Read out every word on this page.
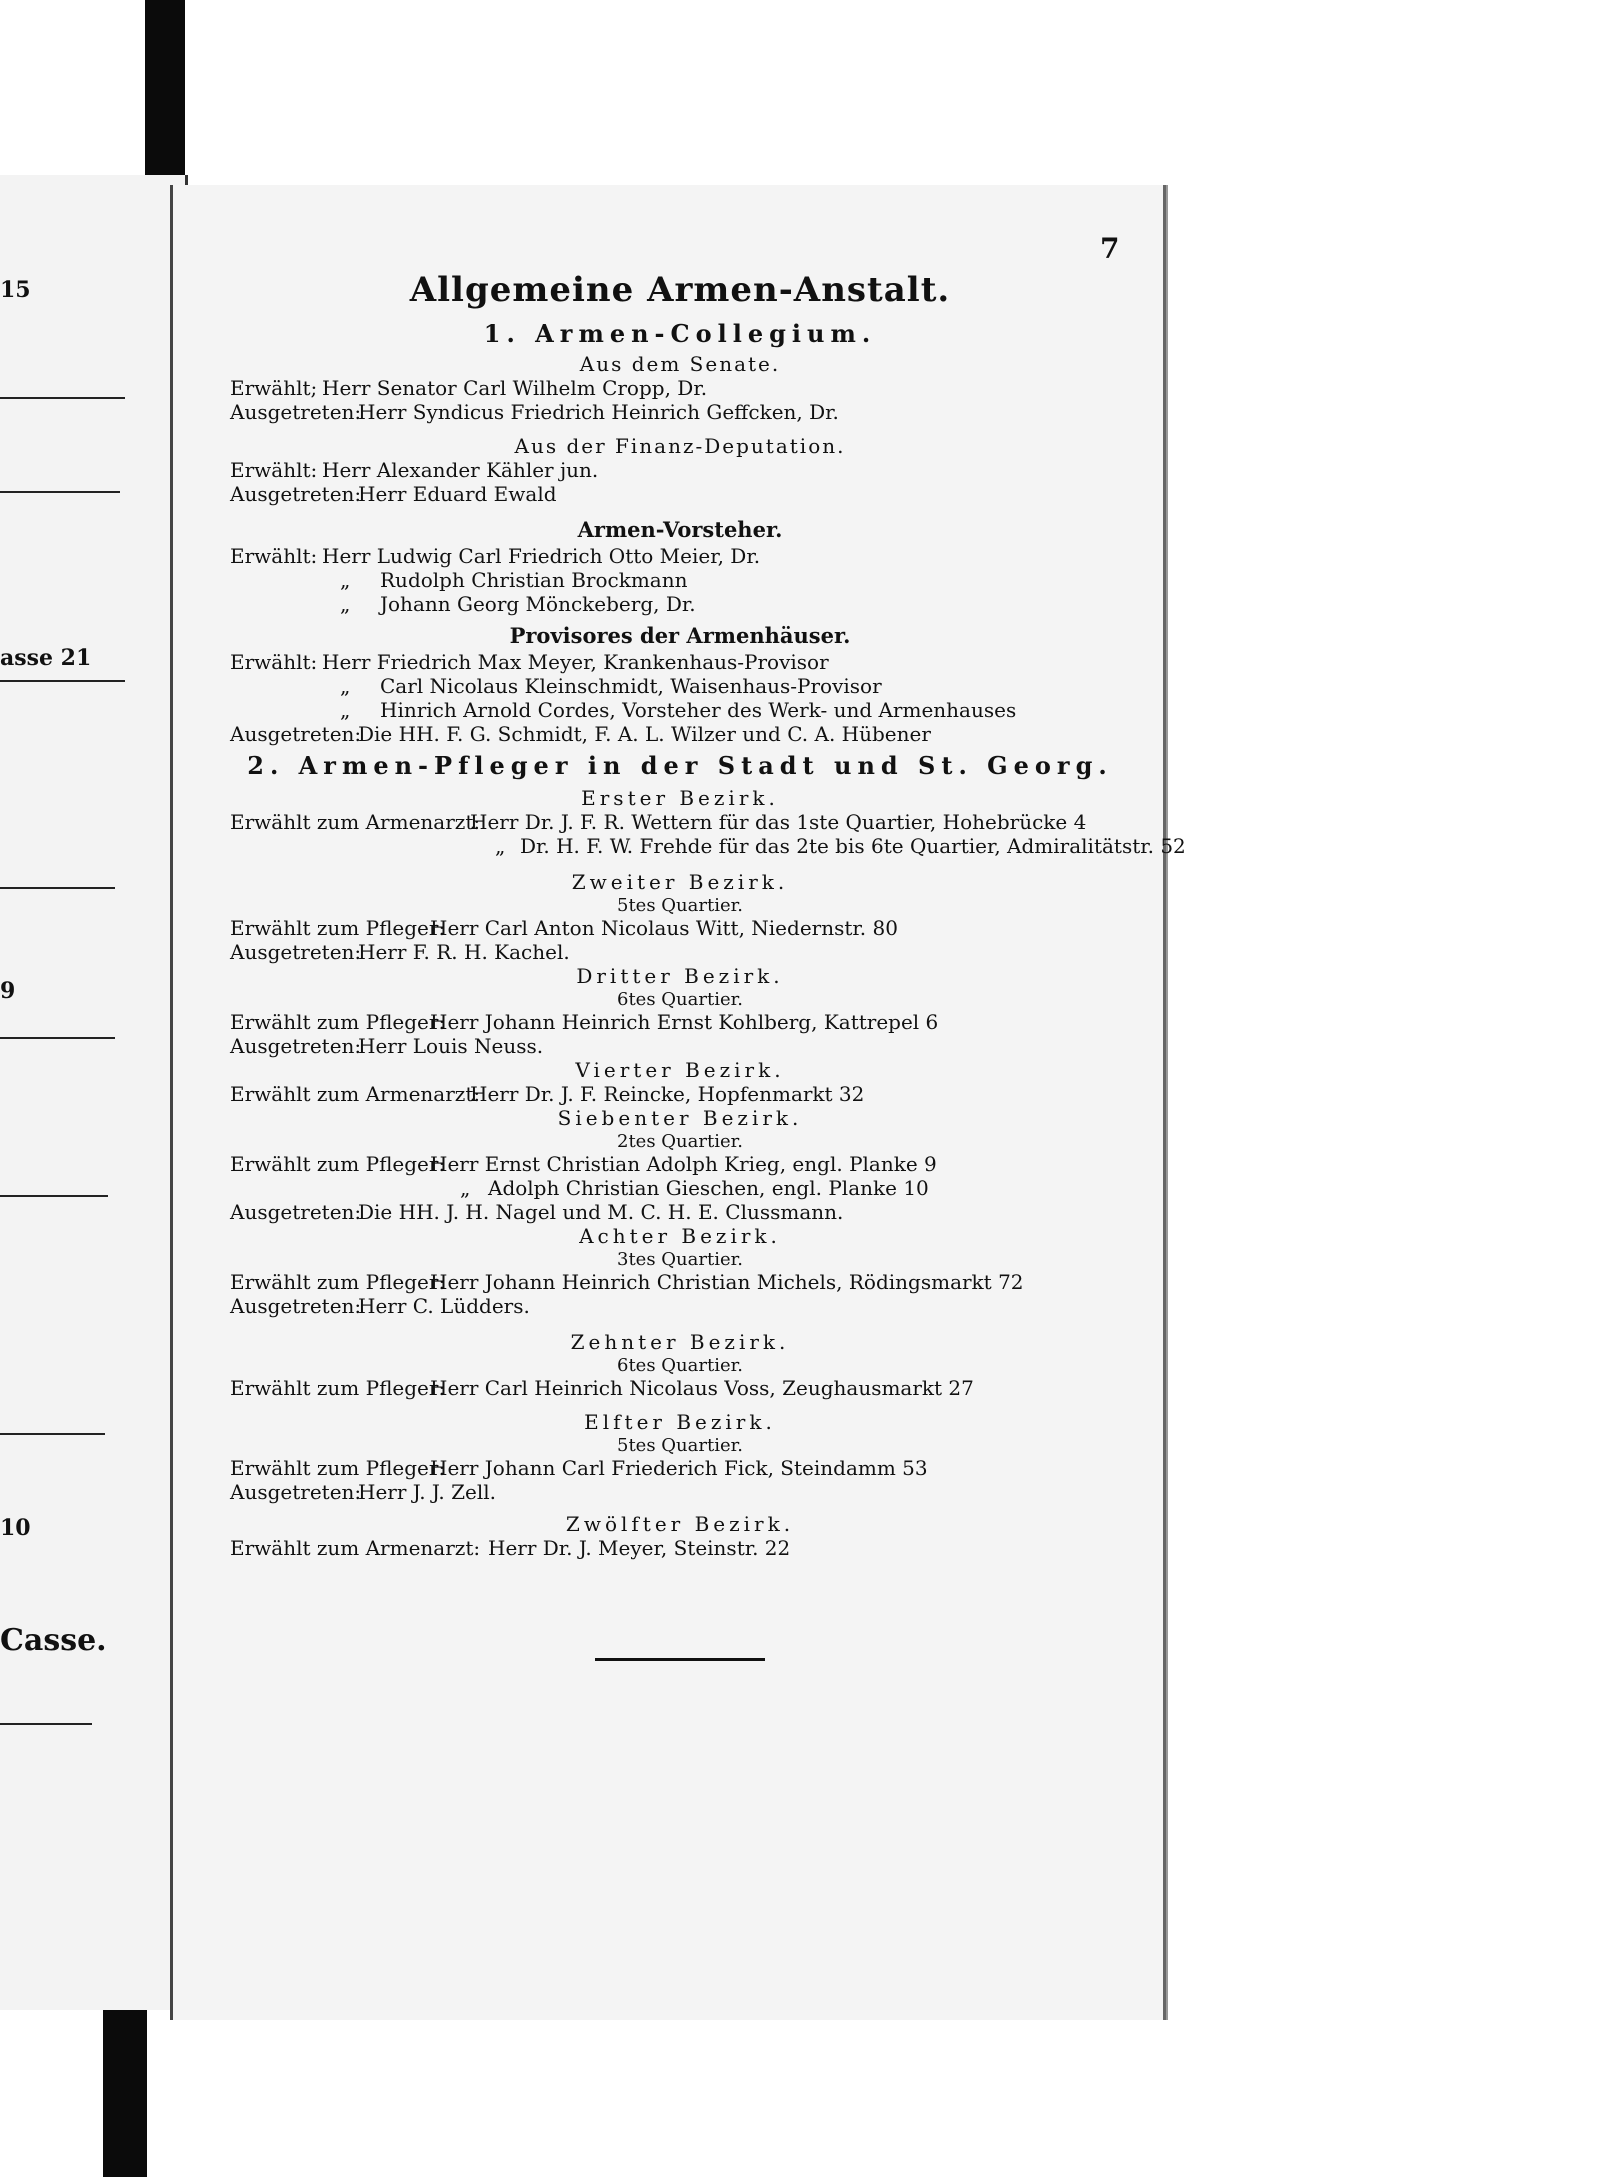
15
asse 21
9
10
Casse.
7
Allgemeine Armen-Anstalt.
1. Armen-Collegium.
Aus dem Senate.
Erwählt; Herr Senator Carl Wilhelm Cropp, Dr.
Ausgetreten:
Herr Syndicus Friedrich Heinrich Geffcken, Dr.
Aus der Finanz-Deputation.
Erwählt: Herr Alexander Kähler jun.
Ausgetreten:
Herr Eduard Ewald
Armen-Vorsteher.
Erwählt: Herr Ludwig Carl Friedrich Otto Meier, Dr.
„ Rudolph Christian Brockmann
„ Johann Georg Mönckeberg, Dr.
Provisores der Armenhäuser.
Erwählt: Herr Friedrich Max Meyer, Krankenhaus-Provisor
„ Carl Nicolaus Kleinschmidt, Waisenhaus-Provisor
„ Hinrich Arnold Cordes, Vorsteher des Werk- und Armenhauses
Ausgetreten:
Die HH. F. G. Schmidt, F. A. L. Wilzer und C. A. Hübener
2. Armen-Pfleger in der Stadt und St. Georg.
Erster Bezirk.
Erwählt zum Armenarzt:
Herr Dr. J. F. R. Wettern für das 1ste Quartier, Hohebrücke 4
„ Dr. H. F. W. Frehde für das 2te bis 6te Quartier, Admiralitätstr. 52
Zweiter Bezirk.
5tes Quartier.
Erwählt zum Pfleger:
Herr Carl Anton Nicolaus Witt, Niedernstr. 80
Ausgetreten:
Herr F. R. H. Kachel.
Dritter Bezirk.
6tes Quartier.
Erwählt zum Pfleger:
Herr Johann Heinrich Ernst Kohlberg, Kattrepel 6
Ausgetreten:
Herr Louis Neuss.
Vierter Bezirk.
Erwählt zum Armenarzt:
Herr Dr. J. F. Reincke, Hopfenmarkt 32
Siebenter Bezirk.
2tes Quartier.
Erwählt zum Pfleger:
Herr Ernst Christian Adolph Krieg, engl. Planke 9
„ Adolph Christian Gieschen, engl. Planke 10
Ausgetreten:
Die HH. J. H. Nagel und M. C. H. E. Clussmann.
Achter Bezirk.
3tes Quartier.
Erwählt zum Pfleger:
Herr Johann Heinrich Christian Michels, Rödingsmarkt 72
Ausgetreten:
Herr C. Lüdders.
Zehnter Bezirk.
6tes Quartier.
Erwählt zum Pfleger:
Herr Carl Heinrich Nicolaus Voss, Zeughausmarkt 27
Elfter Bezirk.
5tes Quartier.
Erwählt zum Pfleger:
Herr Johann Carl Friederich Fick, Steindamm 53
Ausgetreten:
Herr J. J. Zell.
Zwölfter Bezirk.
Erwählt zum Armenarzt: Herr Dr. J. Meyer, Steinstr. 22
